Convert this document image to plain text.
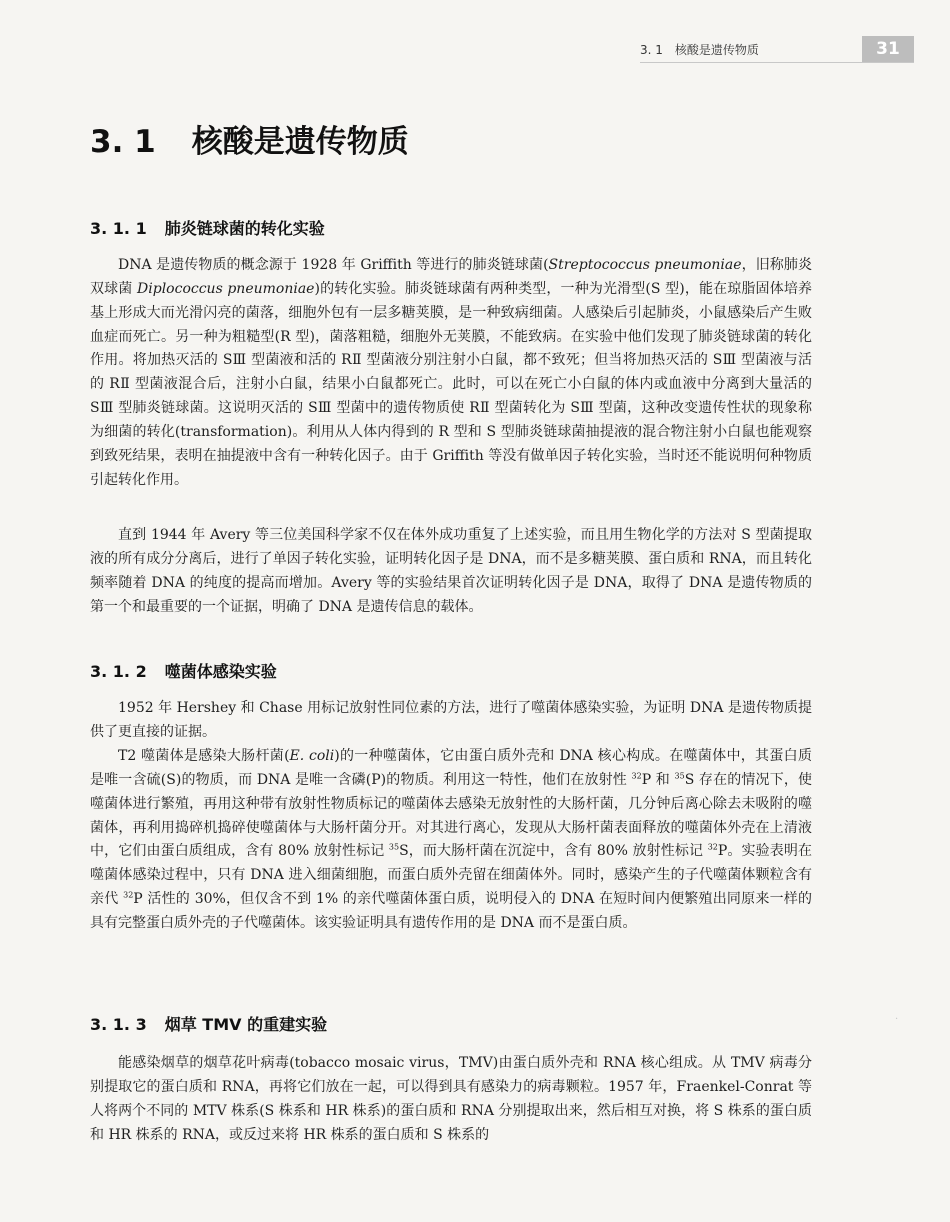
3. 1　核酸是遗传物质	31
3. 1 核酸是遗传物质
3. 1. 1 肺炎链球菌的转化实验

DNA 是遗传物质的概念源于 1928 年 Griffith 等进行的肺炎链球菌(Streptococcus pneumoniae，旧称肺炎双球菌 Diplococcus pneumoniae)的转化实验。肺炎链球菌有两种类型，一种为光滑型(S 型)，能在琼脂固体培养基上形成大而光滑闪亮的菌落，细胞外包有一层多糖荚膜，是一种致病细菌。人感染后引起肺炎，小鼠感染后产生败血症而死亡。另一种为粗糙型(R 型)，菌落粗糙，细胞外无荚膜，不能致病。在实验中他们发现了肺炎链球菌的转化作用。将加热灭活的 SⅢ 型菌液和活的 RⅡ 型菌液分别注射小白鼠，都不致死；但当将加热灭活的 SⅢ 型菌液与活的 RⅡ 型菌液混合后，注射小白鼠，结果小白鼠都死亡。此时，可以在死亡小白鼠的体内或血液中分离到大量活的 SⅢ 型肺炎链球菌。这说明灭活的 SⅢ 型菌中的遗传物质使 RⅡ 型菌转化为 SⅢ 型菌，这种改变遗传性状的现象称为细菌的转化(transformation)。利用从人体内得到的 R 型和 S 型肺炎链球菌抽提液的混合物注射小白鼠也能观察到致死结果，表明在抽提液中含有一种转化因子。由于 Griffith 等没有做单因子转化实验，当时还不能说明何种物质引起转化作用。

直到 1944 年 Avery 等三位美国科学家不仅在体外成功重复了上述实验，而且用生物化学的方法对 S 型菌提取液的所有成分分离后，进行了单因子转化实验，证明转化因子是 DNA，而不是多糖荚膜、蛋白质和 RNA，而且转化频率随着 DNA 的纯度的提高而增加。Avery 等的实验结果首次证明转化因子是 DNA，取得了 DNA 是遗传物质的第一个和最重要的一个证据，明确了 DNA 是遗传信息的载体。

3. 1. 2 噬菌体感染实验

1952 年 Hershey 和 Chase 用标记放射性同位素的方法，进行了噬菌体感染实验，为证明 DNA 是遗传物质提供了更直接的证据。

T2 噬菌体是感染大肠杆菌(E. coli)的一种噬菌体，它由蛋白质外壳和 DNA 核心构成。在噬菌体中，其蛋白质是唯一含硫(S)的物质，而 DNA 是唯一含磷(P)的物质。利用这一特性，他们在放射性 $^{32}$P 和 $^{35}$S 存在的情况下，使噬菌体进行繁殖，再用这种带有放射性物质标记的噬菌体去感染无放射性的大肠杆菌，几分钟后离心除去未吸附的噬菌体，再利用捣碎机捣碎使噬菌体与大肠杆菌分开。对其进行离心，发现从大肠杆菌表面释放的噬菌体外壳在上清液中，它们由蛋白质组成，含有 80% 放射性标记 $^{35}$S，而大肠杆菌在沉淀中，含有 80% 放射性标记 $^{32}$P。实验表明在噬菌体感染过程中，只有 DNA 进入细菌细胞，而蛋白质外壳留在细菌体外。同时，感染产生的子代噬菌体颗粒含有亲代 $^{32}$P 活性的 30%，但仅含不到 1% 的亲代噬菌体蛋白质，说明侵入的 DNA 在短时间内便繁殖出同原来一样的具有完整蛋白质外壳的子代噬菌体。该实验证明具有遗传作用的是 DNA 而不是蛋白质。

3. 1. 3 烟草 TMV 的重建实验

能感染烟草的烟草花叶病毒(tobacco mosaic virus，TMV)由蛋白质外壳和 RNA 核心组成。从 TMV 病毒分别提取它的蛋白质和 RNA，再将它们放在一起，可以得到具有感染力的病毒颗粒。1957 年，Fraenkel-Conrat 等人将两个不同的 MTV 株系(S 株系和 HR 株系)的蛋白质和 RNA 分别提取出来，然后相互对换，将 S 株系的蛋白质和 HR 株系的 RNA，或反过来将 HR 株系的蛋白质和 S 株系的

·
